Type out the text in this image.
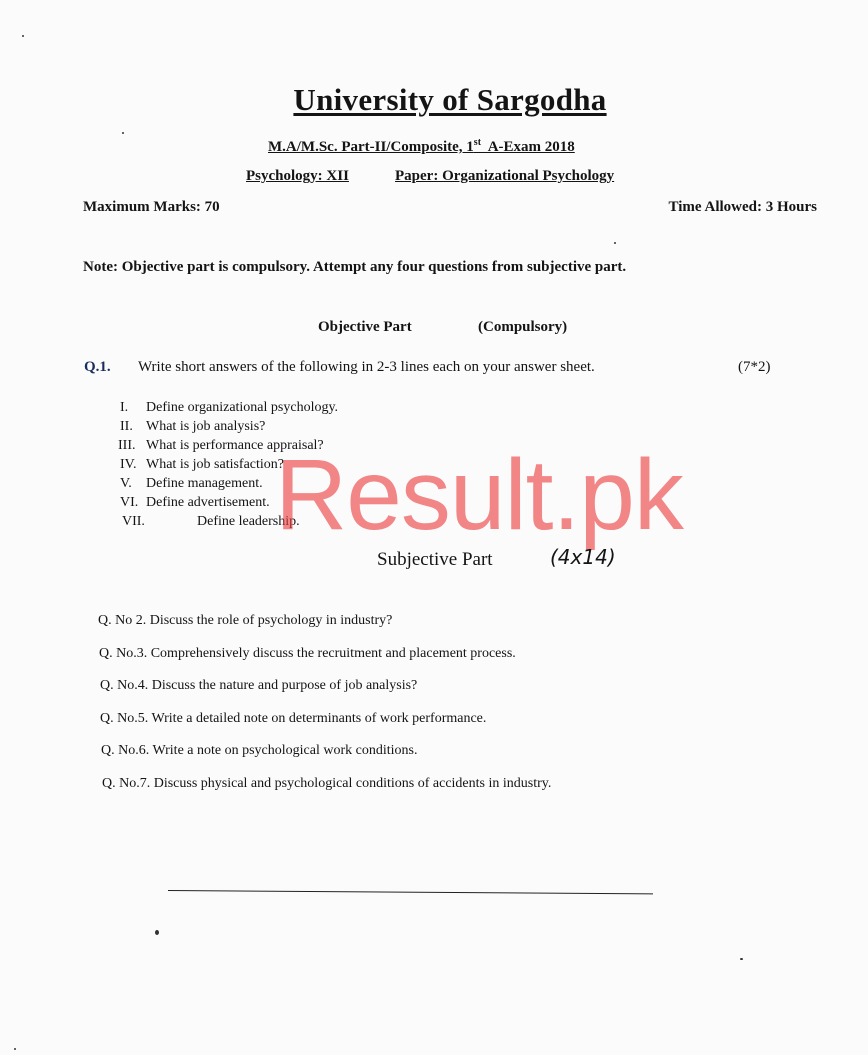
University of Sargodha
M.A/M.Sc. Part-II/Composite, 1st  A-Exam 2018
Psychology: XII	Paper: Organizational Psychology
Maximum Marks: 70	Time Allowed: 3 Hours
Note: Objective part is compulsory. Attempt any four questions from subjective part.
Objective Part	(Compulsory)
Q.1. Write short answers of the following in 2-3 lines each on your answer sheet.	(7*2)
I. Define organizational psychology.
II. What is job analysis?
III. What is performance appraisal?
IV. What is job satisfaction?
V. Define management.
VI. Define advertisement.
VII.	Define leadership.
Result.pk
Subjective Part	(4x14)
Q. No 2. Discuss the role of psychology in industry?
Q. No.3. Comprehensively discuss the recruitment and placement process.
Q. No.4. Discuss the nature and purpose of job analysis?
Q. No.5. Write a detailed note on determinants of work performance.
Q. No.6. Write a note on psychological work conditions.
Q. No.7. Discuss physical and psychological conditions of accidents in industry.
